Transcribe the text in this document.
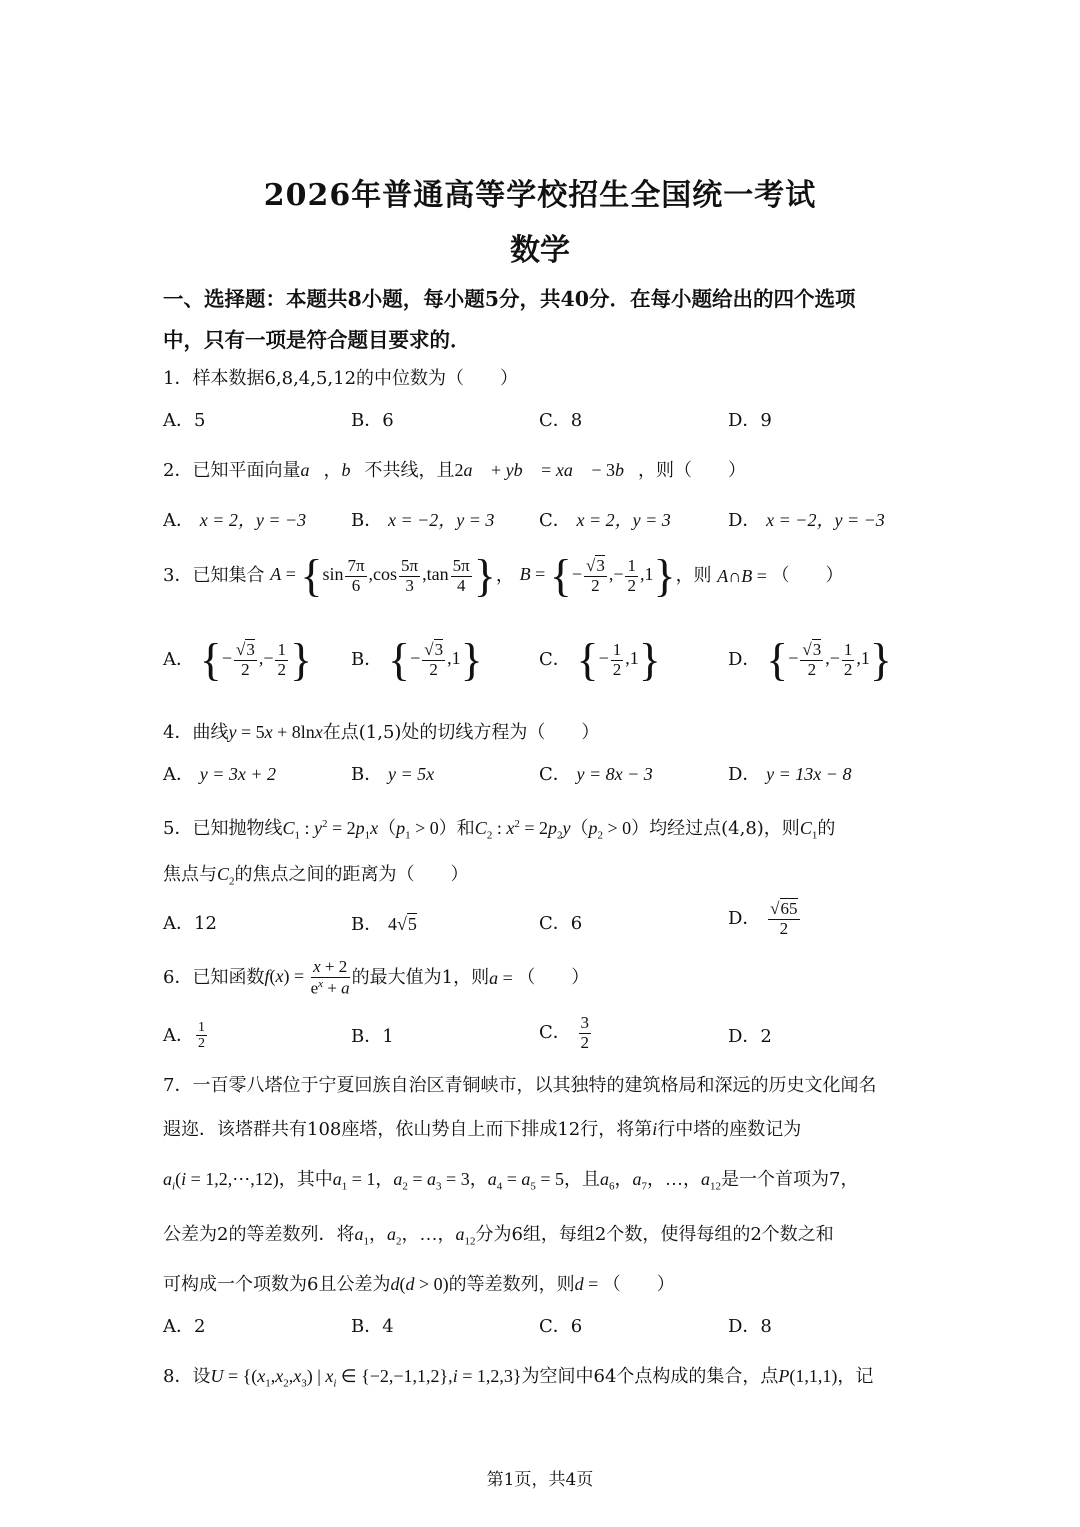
2026年普通高等学校招生全国统一考试
数学
一、选择题：本题共8小题，每小题5分，共40分．在每小题给出的四个选项
中，只有一项是符合题目要求的．
1．样本数据6,8,4,5,12的中位数为（　　）
A．5	B．6	C．8	D．9
2．已知平面向量a⃗，b⃗不共线，且2a⃗ + yb⃗ = xa⃗ − 3b⃗，则（　　）
A． x = 2，y = −3 B． x = −2，y = 3 C． x = 2，y = 3	D． x = −2，y = −3
3．已知集合 $A = \{\sin \frac{7\pi}{6} ,\cos \frac{5\pi}{3} ,\tan \frac{5\pi}{4}$ }， B = {− $\frac{√3}{2}$ ,− $\frac{1}{2} ,1$}，则 A∩B = （　　）
A． {− $\frac{√3}{2}$ ,− $\frac{1}{2}$ } B． {− $\frac{√3}{2} ,1$}	C． {− $\frac{1}{2} ,1$}	D． {− $\frac{√3}{2}$ ,− $\frac{1}{2} ,1$}
4．曲线y = 5x + 8lnx在点(1,5)处的切线方程为（　　）
A． y = 3x + 2	B． y = 5x	C． y = 8x − 3	D． y = 13x − 8
5．已知抛物线$C_1$ : $y^2 = 2p_1x(p_1 > 0)$和$C_2$ : $x^2 = 2p_2y(p_2 > 0)$均经过点(4,8)，则$C_1$的
焦点与$C_2$的焦点之间的距离为（　　）
A．12	B． 4√5	C．6	D． $\frac{√65}{2}$
6．已知函数$f(x) = \frac{x + 2}{e^x + a}$ 的最大值为1，则a = （　　）
A． $\frac{1}{2}$	B．1	C． $\frac{3}{2}$	D．2
7．一百零八塔位于宁夏回族自治区青铜峡市，以其独特的建筑格局和深远的历史文化闻名
遐迩．该塔群共有108座塔，依山势自上而下排成12行，将第i行中塔的座数记为
$a_i(i$ = 1,2,⋯,12)，其中$a_1 = 1$，$a_2 = a_3 = 3$，$a_4 = a_5 = 5$，且$a_6$，$a_7$，…，$a_{12}$是一个首项为7，
公差为2的等差数列．将$a_1$，$a_2$，…，$a_{12}$分为6组，每组2个数，使得每组的2个数之和
可构成一个项数为6且公差为d(d > 0)的等差数列，则d = （　　）
A．2	B．4	C．6	D．8
8．设$U = \{(x_1,x_2,x_3)$ | $x_i$ ∈ {−2,−1,1,2},i = 1,2,3}为空间中64个点构成的集合，点P(1,1,1)，记
第1页，共4页
